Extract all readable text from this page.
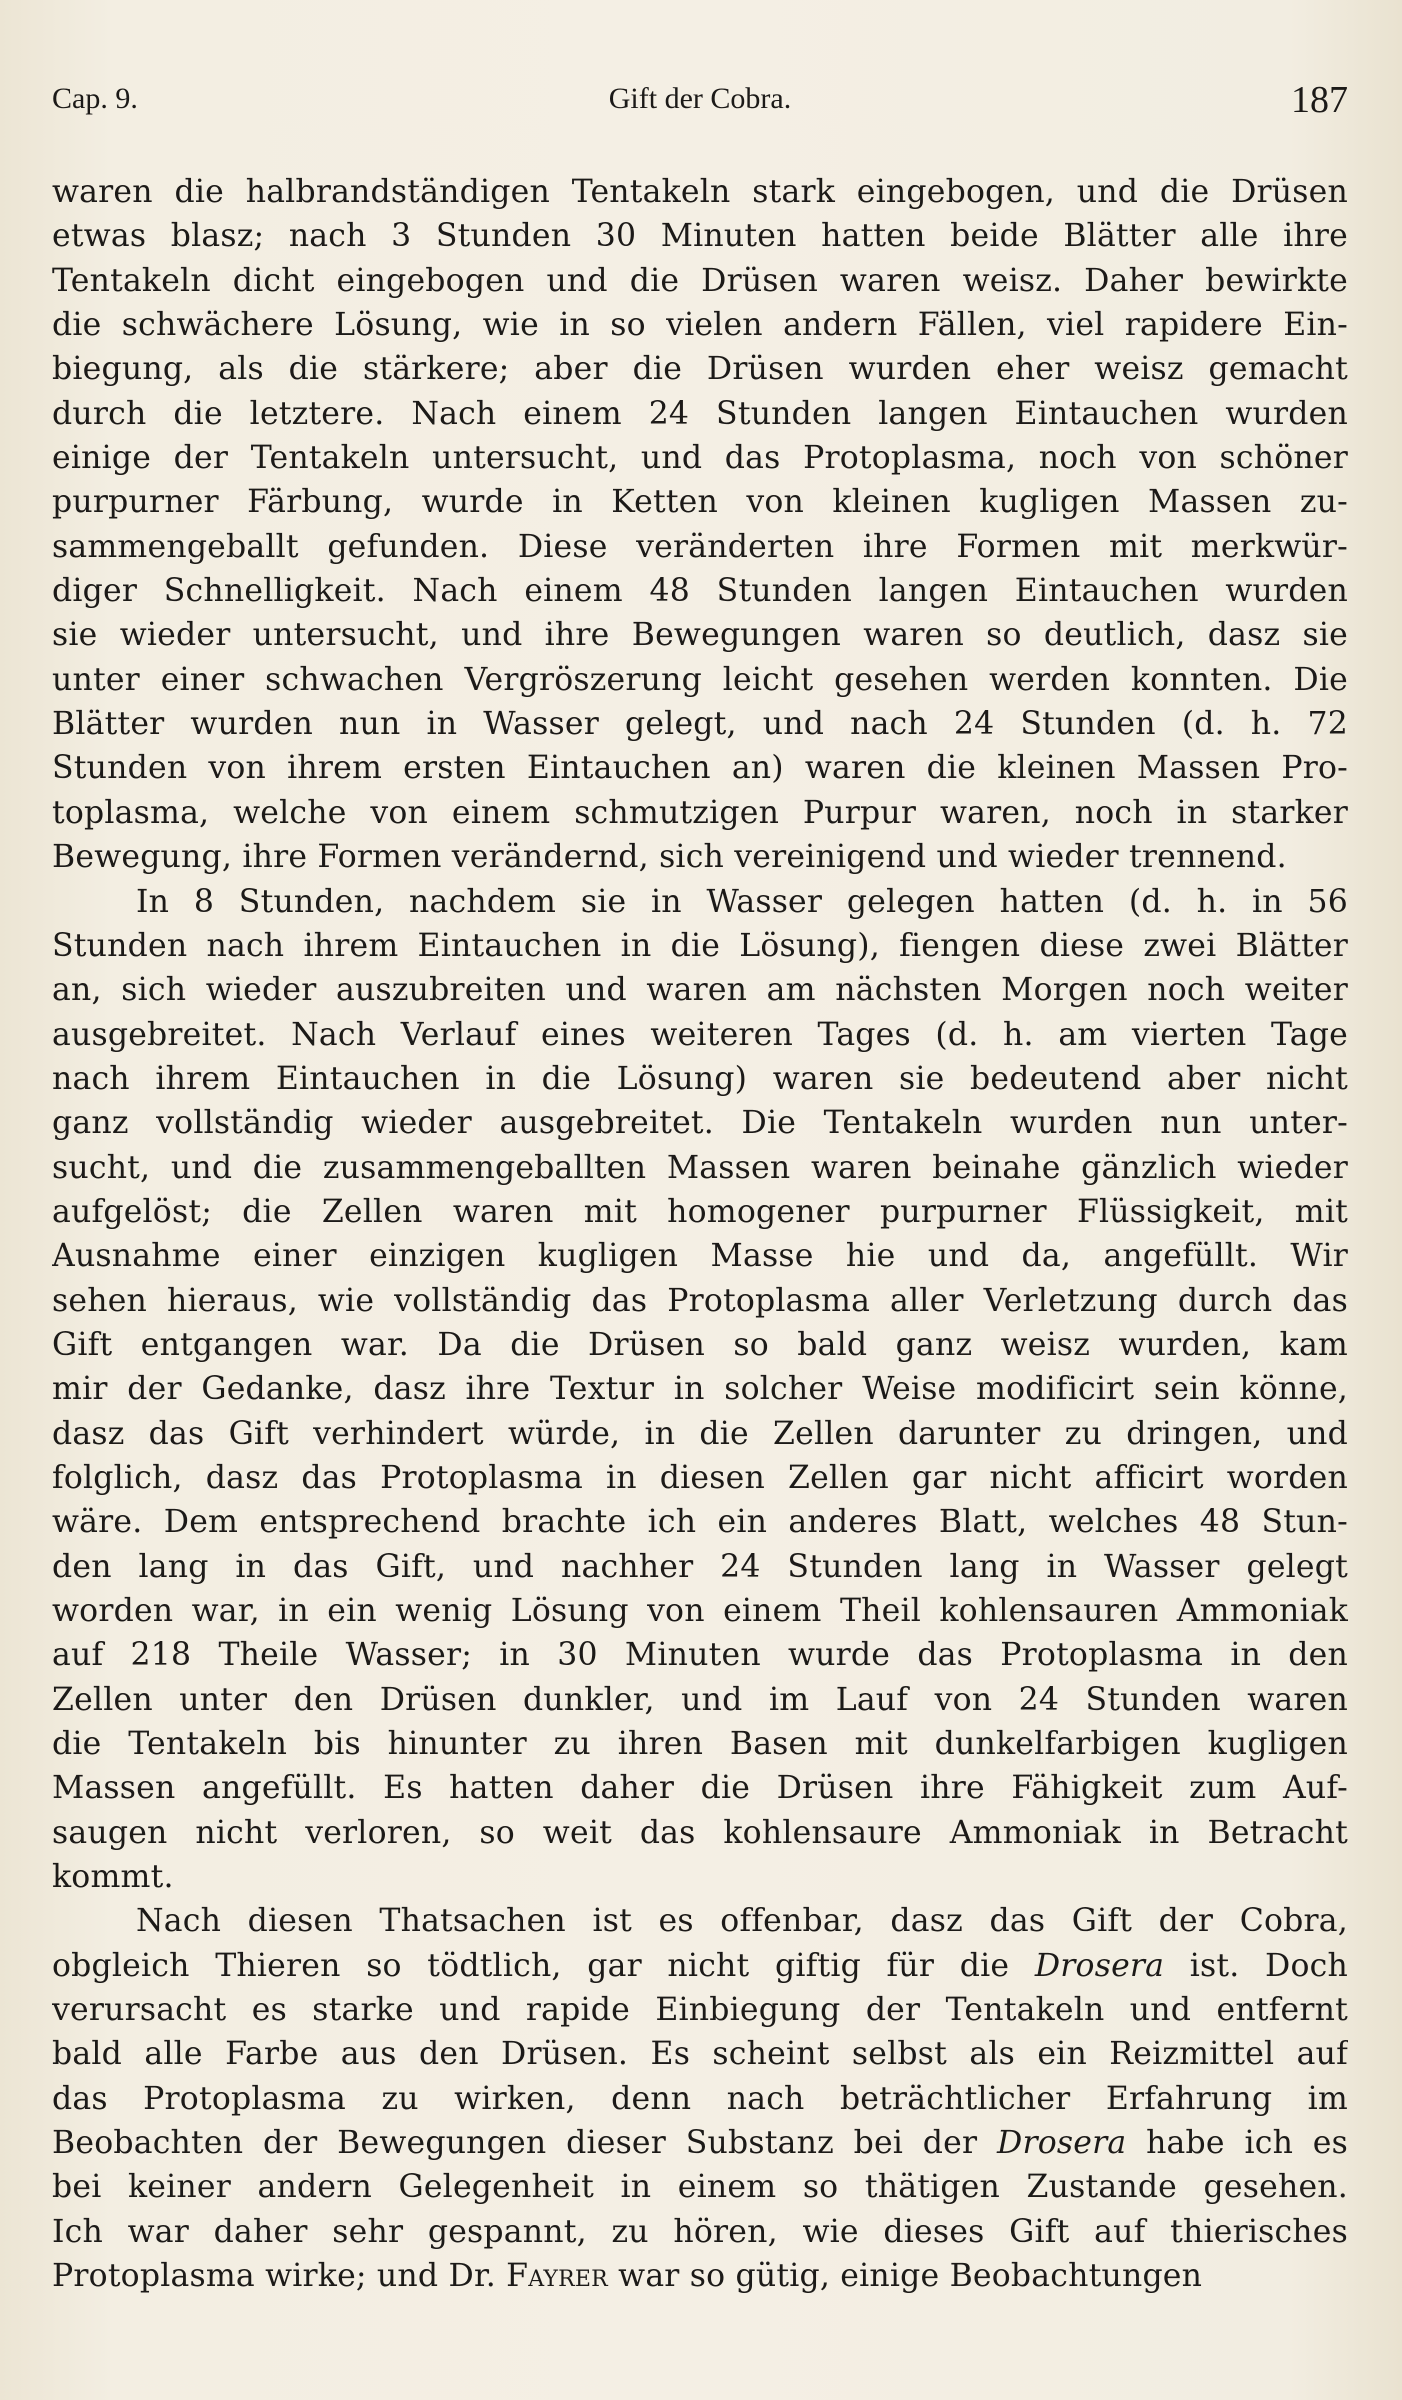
Cap. 9.	Gift der Cobra.	187
waren die halbrandständigen Tentakeln stark eingebogen, und die Drüsen
etwas blasz; nach 3 Stunden 30 Minuten hatten beide Blätter alle ihre
Tentakeln dicht eingebogen und die Drüsen waren weisz. Daher bewirkte
die schwächere Lösung, wie in so vielen andern Fällen, viel rapidere Ein-
biegung, als die stärkere; aber die Drüsen wurden eher weisz gemacht
durch die letztere. Nach einem 24 Stunden langen Eintauchen wurden
einige der Tentakeln untersucht, und das Protoplasma, noch von schöner
purpurner Färbung, wurde in Ketten von kleinen kugligen Massen zu-
sammengeballt gefunden. Diese veränderten ihre Formen mit merkwür-
diger Schnelligkeit. Nach einem 48 Stunden langen Eintauchen wurden
sie wieder untersucht, und ihre Bewegungen waren so deutlich, dasz sie
unter einer schwachen Vergröszerung leicht gesehen werden konnten. Die
Blätter wurden nun in Wasser gelegt, und nach 24 Stunden (d. h. 72
Stunden von ihrem ersten Eintauchen an) waren die kleinen Massen Pro-
toplasma, welche von einem schmutzigen Purpur waren, noch in starker
Bewegung, ihre Formen verändernd, sich vereinigend und wieder trennend.
In 8 Stunden, nachdem sie in Wasser gelegen hatten (d. h. in 56
Stunden nach ihrem Eintauchen in die Lösung), fiengen diese zwei Blätter
an, sich wieder auszubreiten und waren am nächsten Morgen noch weiter
ausgebreitet. Nach Verlauf eines weiteren Tages (d. h. am vierten Tage
nach ihrem Eintauchen in die Lösung) waren sie bedeutend aber nicht
ganz vollständig wieder ausgebreitet. Die Tentakeln wurden nun unter-
sucht, und die zusammengeballten Massen waren beinahe gänzlich wieder
aufgelöst; die Zellen waren mit homogener purpurner Flüssigkeit, mit
Ausnahme einer einzigen kugligen Masse hie und da, angefüllt. Wir
sehen hieraus, wie vollständig das Protoplasma aller Verletzung durch das
Gift entgangen war. Da die Drüsen so bald ganz weisz wurden, kam
mir der Gedanke, dasz ihre Textur in solcher Weise modificirt sein könne,
dasz das Gift verhindert würde, in die Zellen darunter zu dringen, und
folglich, dasz das Protoplasma in diesen Zellen gar nicht afficirt worden
wäre. Dem entsprechend brachte ich ein anderes Blatt, welches 48 Stun-
den lang in das Gift, und nachher 24 Stunden lang in Wasser gelegt
worden war, in ein wenig Lösung von einem Theil kohlensauren Ammoniak
auf 218 Theile Wasser; in 30 Minuten wurde das Protoplasma in den
Zellen unter den Drüsen dunkler, und im Lauf von 24 Stunden waren
die Tentakeln bis hinunter zu ihren Basen mit dunkelfarbigen kugligen
Massen angefüllt. Es hatten daher die Drüsen ihre Fähigkeit zum Auf-
saugen nicht verloren, so weit das kohlensaure Ammoniak in Betracht
kommt.
Nach diesen Thatsachen ist es offenbar, dasz das Gift der Cobra,
obgleich Thieren so tödtlich, gar nicht giftig für die Drosera ist. Doch
verursacht es starke und rapide Einbiegung der Tentakeln und entfernt
bald alle Farbe aus den Drüsen. Es scheint selbst als ein Reizmittel auf
das Protoplasma zu wirken, denn nach beträchtlicher Erfahrung im
Beobachten der Bewegungen dieser Substanz bei der Drosera habe ich es
bei keiner andern Gelegenheit in einem so thätigen Zustande gesehen.
Ich war daher sehr gespannt, zu hören, wie dieses Gift auf thierisches
Protoplasma wirke; und Dr. Fayrer war so gütig, einige Beobachtungen
